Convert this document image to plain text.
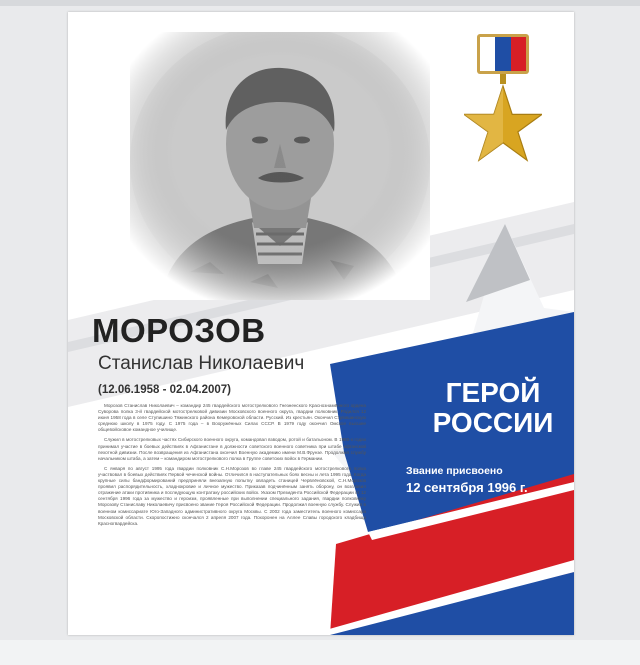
МОРОЗОВ
Станислав Николаевич
(12.06.1958 - 02.04.2007)

Морозов Станислав Николаевич – командир 245 гвардейского мотострелкового Гнезненского Краснознамённого ордена Суворова полка 3-й гвардейской мотострелковой дивизии Московского военного округа, гвардии полковник. Родился 12 июня 1958 года в селе Ступишино Тяжинского района Кемеровской области. Русский. Из крестьян. Окончил Ступишинскую среднюю школу в 1975 году. С 1975 года – в Вооружённых Силах СССР. В 1979 году окончил Омское высшее общевойсковое командное училище.

Служил в мотострелковых частях Сибирского военного округа, командовал взводом, ротой и батальоном. В 1980-х годах принимал участие в боевых действиях в Афганистане в должности советского военного советника при штабе афганской пехотной дивизии. После возвращения из Афганистана окончил Военную академию имени М.В.Фрунзе. Продолжил службу начальником штаба, а затем – командиром мотострелкового полка в Группе советских войск в Германии.

С января по август 1995 года гвардии полковник С.Н.Морозов во главе 245 гвардейского мотострелкового полка участвовал в боевых действиях Первой чеченской войны. Отличился в наступательных боях весны и лета 1995 года. Когда крупные силы бандформирований предприняли внезапную попытку овладеть станицей Червлёновской, С.Н.Морозов проявил распорядительность, хладнокровие и личное мужество. Приказав подчинённым занять оборону, он возглавил отражение атаки противника и последующую контратаку российских войск. Указом Президента Российской Федерации от 12 сентября 1996 года за мужество и героизм, проявленные при выполнении специального задания, гвардии полковнику Морозову Станиславу Николаевичу присвоено звание Героя Российской Федерации. Продолжил военную службу. Служил в военном комиссариате Юго-Западного административного округа Москвы. С 2002 года заместитель военного комиссара Московской области. Скоропостижно скончался 2 апреля 2007 года. Похоронен на Аллее Славы городского кладбища Красногвардейска.

ГЕРОЙ
РОССИИ
Звание присвоено
12 сентября 1996 г.
